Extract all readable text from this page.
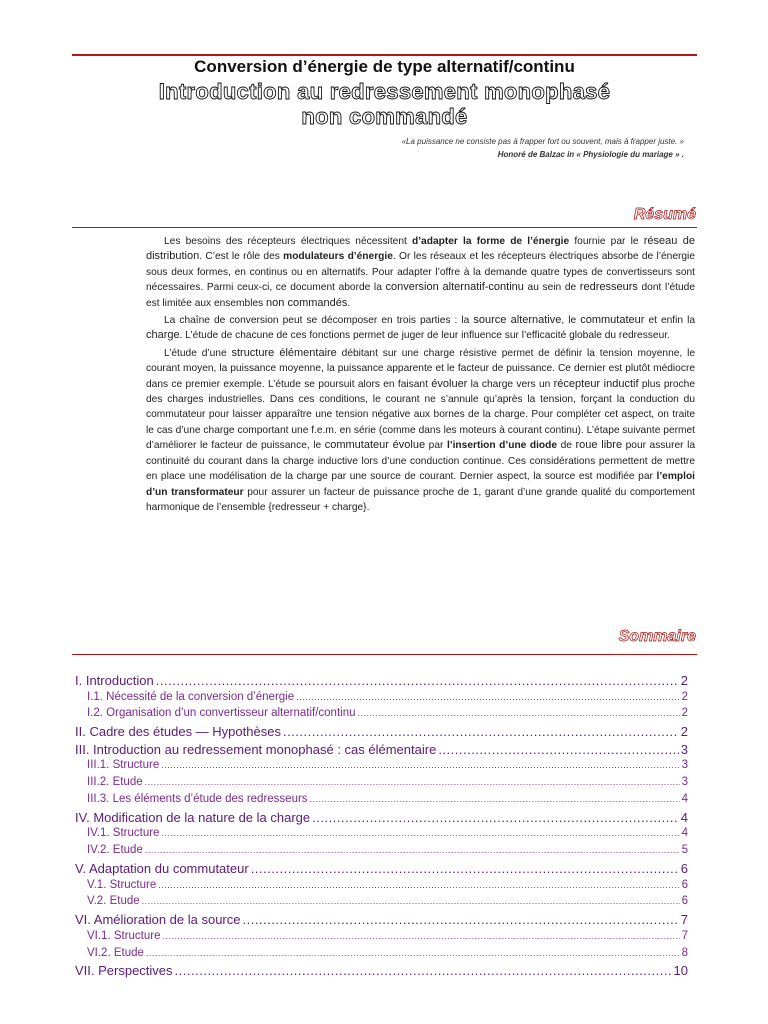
Conversion d’énergie de type alternatif/continu
Introduction au redressement monophasé
non commandé
«La puissance ne consiste pas à frapper fort ou souvent, mais à frapper juste. »
Honoré de Balzac in « Physiologie du mariage » .
Résumé

Les besoins des récepteurs électriques nécessitent d’adapter la forme de l’énergie fournie par le réseau de distribution. C’est le rôle des modulateurs d’énergie. Or les réseaux et les récepteurs électriques absorbe de l’énergie sous deux formes, en continus ou en alternatifs. Pour adapter l’offre à la demande quatre types de convertisseurs sont nécessaires. Parmi ceux-ci, ce document aborde la conversion alternatif-continu au sein de redresseurs dont l’étude est limitée aux ensembles non commandés.

La chaîne de conversion peut se décomposer en trois parties : la source alternative, le commutateur et enfin la charge. L’étude de chacune de ces fonctions permet de juger de leur influence sur l’efficacité globale du redresseur.

L’étude d’une structure élémentaire débitant sur une charge résistive permet de définir la tension moyenne, le courant moyen, la puissance moyenne, la puissance apparente et le facteur de puissance. Ce dernier est plutôt médiocre dans ce premier exemple. L’étude se poursuit alors en faisant évoluer la charge vers un récepteur inductif plus proche des charges industrielles. Dans ces conditions, le courant ne s’annule qu’après la tension, forçant la conduction du commutateur pour laisser apparaître une tension négative aux bornes de la charge. Pour compléter cet aspect, on traite le cas d’une charge comportant une f.e.m. en série (comme dans les moteurs à courant continu). L’étape suivante permet d’améliorer le facteur de puissance, le commutateur évolue par l’insertion d’une diode de roue libre pour assurer la continuité du courant dans la charge inductive lors d’une conduction continue. Ces considérations permettent de mettre en place une modélisation de la charge par une source de courant. Dernier aspect, la source est modifiée par l’emploi d’un transformateur pour assurer un facteur de puissance proche de 1, garant d’une grande qualité du comportement harmonique de l’ensemble {redresseur + charge}.

Sommaire
I. Introduction .....	2
I.1. Nécessité de la conversion d’énergie .....	2
I.2. Organisation d’un convertisseur alternatif/continu .....	2
II. Cadre des études — Hypothèses .....	2
III. Introduction au redressement monophasé : cas élémentaire .....	3
III.1. Structure .....	3
III.2. Étude .....	3
III.3. Les éléments d’étude des redresseurs .....	4
IV. Modification de la nature de la charge .....	4
IV.1. Structure .....	4
IV.2. Étude .....	5
V. Adaptation du commutateur .....	6
V.1. Structure .....	6
V.2. Étude .....	6
VI. Amélioration de la source .....	7
VI.1. Structure .....	7
VI.2. Étude .....	8
VII. Perspectives .....	10
